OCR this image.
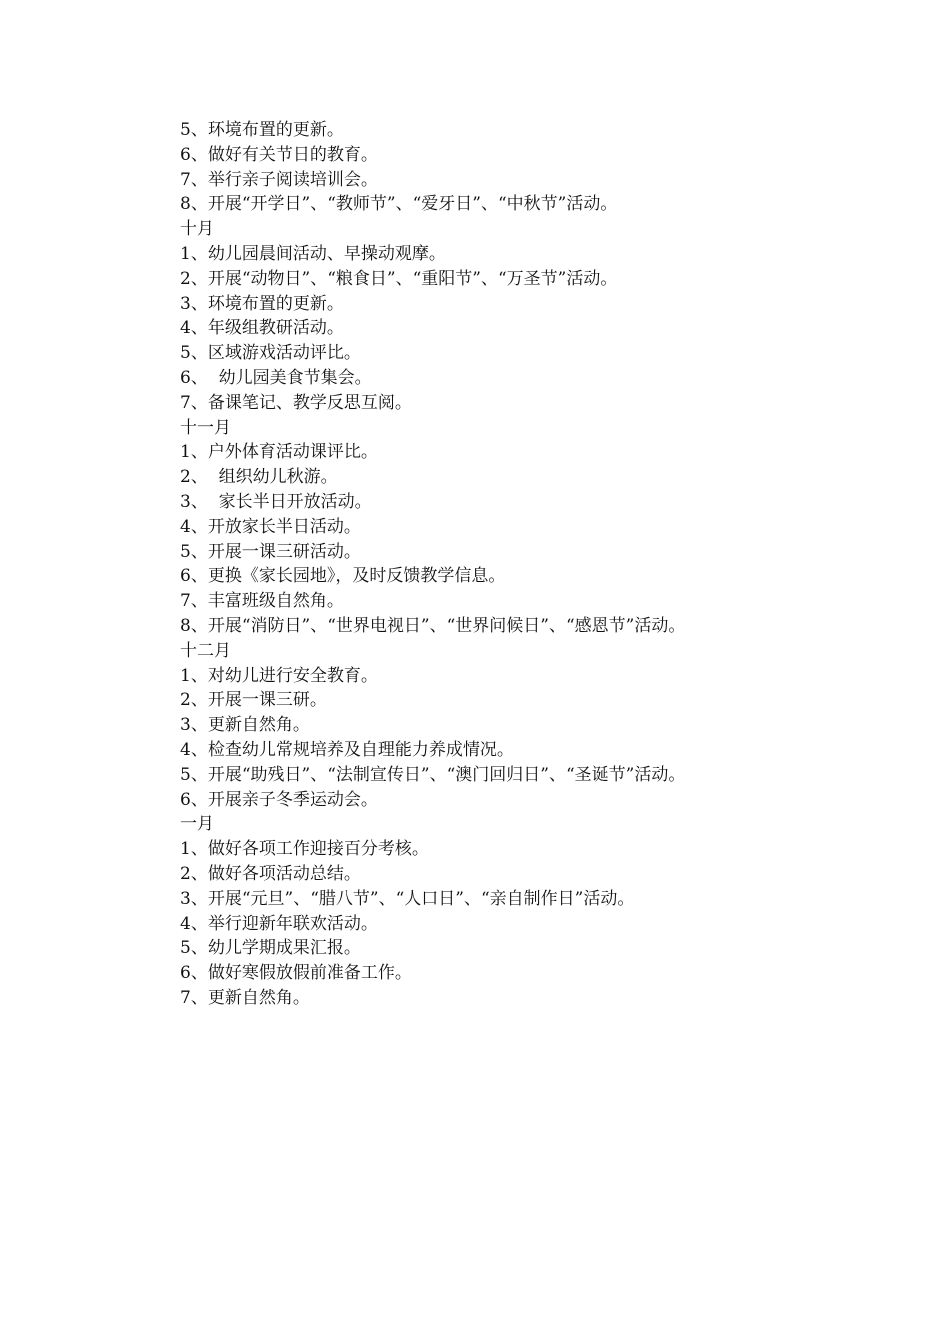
5、环境布置的更新。
6、做好有关节日的教育。
7、举行亲子阅读培训会。
8、开展“开学日”、“教师节”、“爱牙日”、“中秋节”活动。
十月
1、幼儿园晨间活动、早操动观摩。
2、开展“动物日”、“粮食日”、“重阳节”、“万圣节”活动。
3、环境布置的更新。
4、年级组教研活动。
5、区域游戏活动评比。
6、  幼儿园美食节集会。
7、备课笔记、教学反思互阅。
十一月
1、户外体育活动课评比。
2、  组织幼儿秋游。
3、  家长半日开放活动。
4、开放家长半日活动。
5、开展一课三研活动。
6、更换《家长园地》，及时反馈教学信息。
7、丰富班级自然角。
8、开展“消防日”、“世界电视日”、“世界问候日”、“感恩节”活动。
十二月
1、对幼儿进行安全教育。
2、开展一课三研。
3、更新自然角。
4、检查幼儿常规培养及自理能力养成情况。
5、开展“助残日”、“法制宣传日”、“澳门回归日”、“圣诞节”活动。
6、开展亲子冬季运动会。
一月
1、做好各项工作迎接百分考核。
2、做好各项活动总结。
3、开展“元旦”、“腊八节”、“人口日”、“亲自制作日”活动。
4、举行迎新年联欢活动。
5、幼儿学期成果汇报。
6、做好寒假放假前准备工作。
7、更新自然角。
